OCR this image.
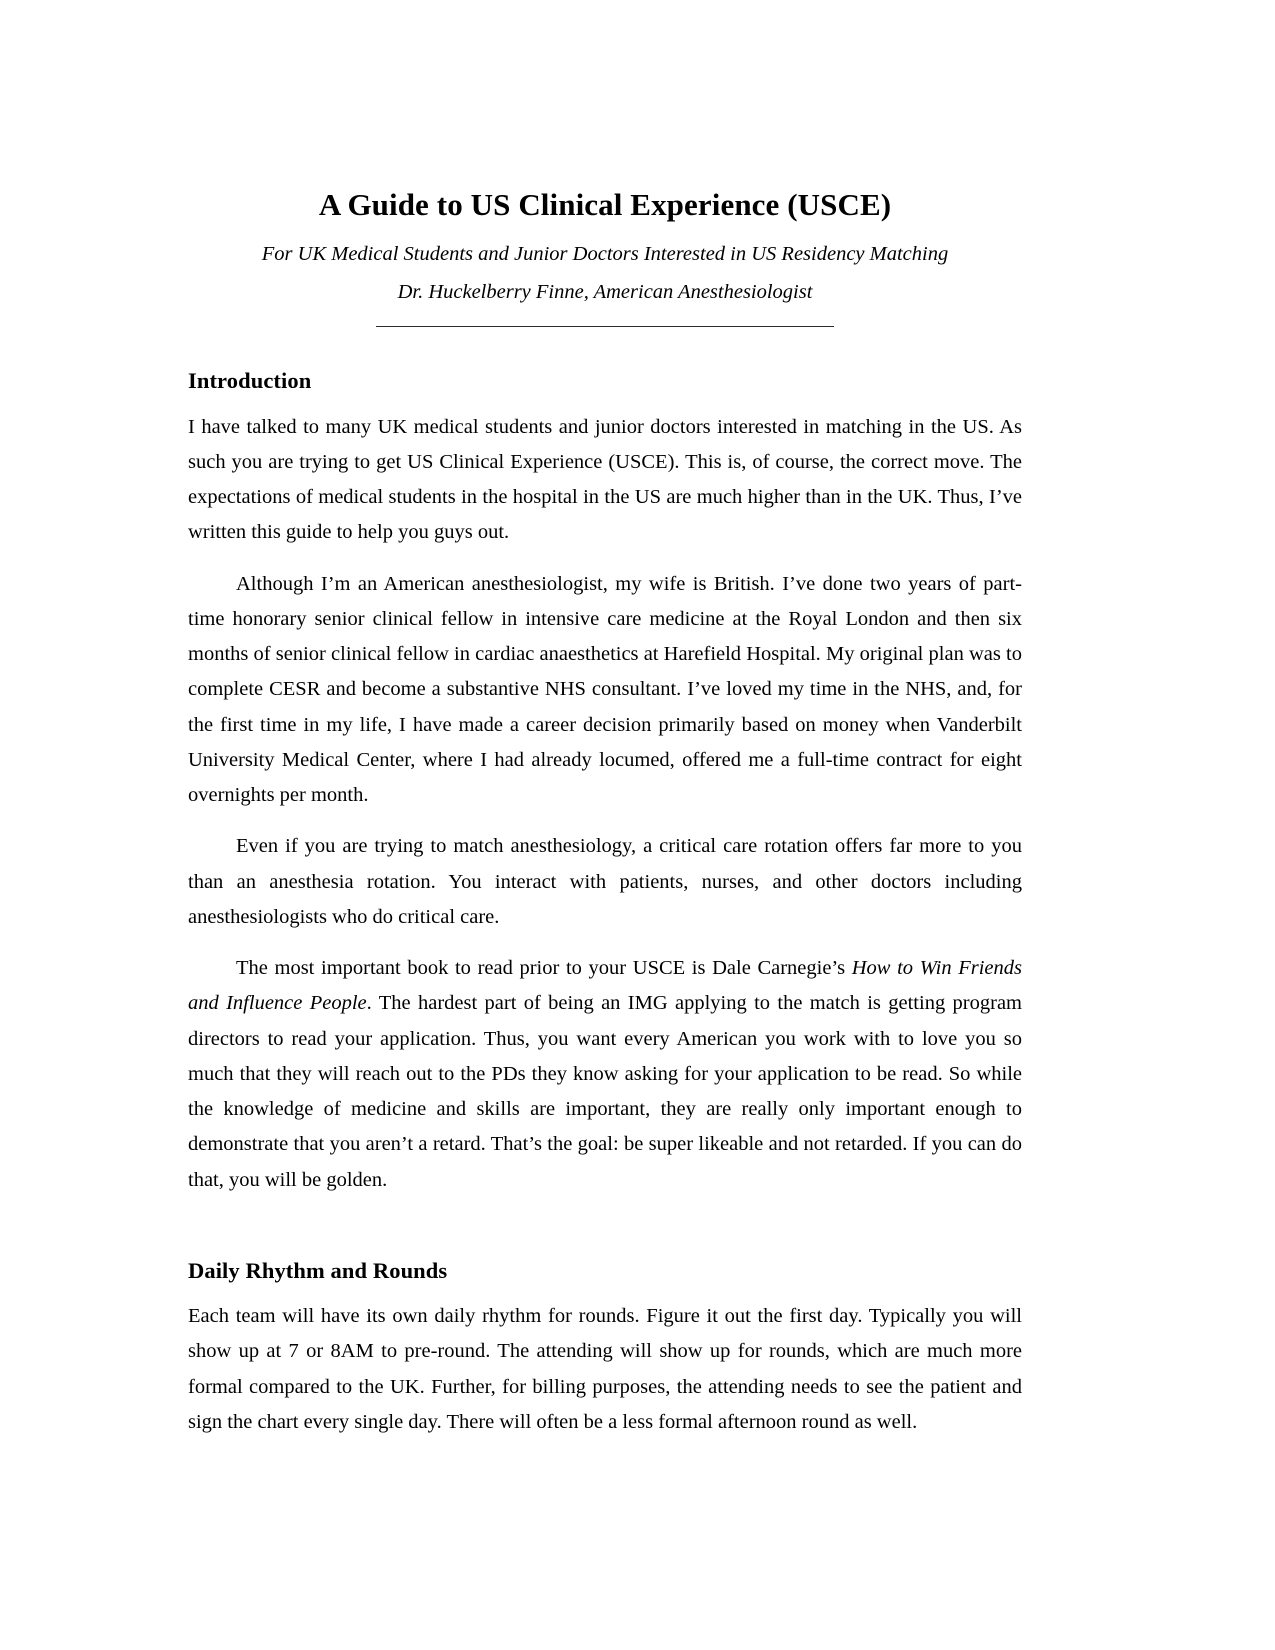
A Guide to US Clinical Experience (USCE)
For UK Medical Students and Junior Doctors Interested in US Residency Matching
Dr. Huckelberry Finne, American Anesthesiologist
Introduction

I have talked to many UK medical students and junior doctors interested in matching in the US. As such you are trying to get US Clinical Experience (USCE). This is, of course, the correct move. The expectations of medical students in the hospital in the US are much higher than in the UK. Thus, I’ve written this guide to help you guys out.

Although I’m an American anesthesiologist, my wife is British. I’ve done two years of part-time honorary senior clinical fellow in intensive care medicine at the Royal London and then six months of senior clinical fellow in cardiac anaesthetics at Harefield Hospital. My original plan was to complete CESR and become a substantive NHS consultant. I’ve loved my time in the NHS, and, for the first time in my life, I have made a career decision primarily based on money when Vanderbilt University Medical Center, where I had already locumed, offered me a full-time contract for eight overnights per month.

Even if you are trying to match anesthesiology, a critical care rotation offers far more to you than an anesthesia rotation. You interact with patients, nurses, and other doctors including anesthesiologists who do critical care.

The most important book to read prior to your USCE is Dale Carnegie’s How to Win Friends and Influence People. The hardest part of being an IMG applying to the match is getting program directors to read your application. Thus, you want every American you work with to love you so much that they will reach out to the PDs they know asking for your application to be read. So while the knowledge of medicine and skills are important, they are really only important enough to demonstrate that you aren’t a retard. That’s the goal: be super likeable and not retarded. If you can do that, you will be golden.

Daily Rhythm and Rounds

Each team will have its own daily rhythm for rounds. Figure it out the first day. Typically you will show up at 7 or 8AM to pre-round. The attending will show up for rounds, which are much more formal compared to the UK. Further, for billing purposes, the attending needs to see the patient and sign the chart every single day. There will often be a less formal afternoon round as well.
